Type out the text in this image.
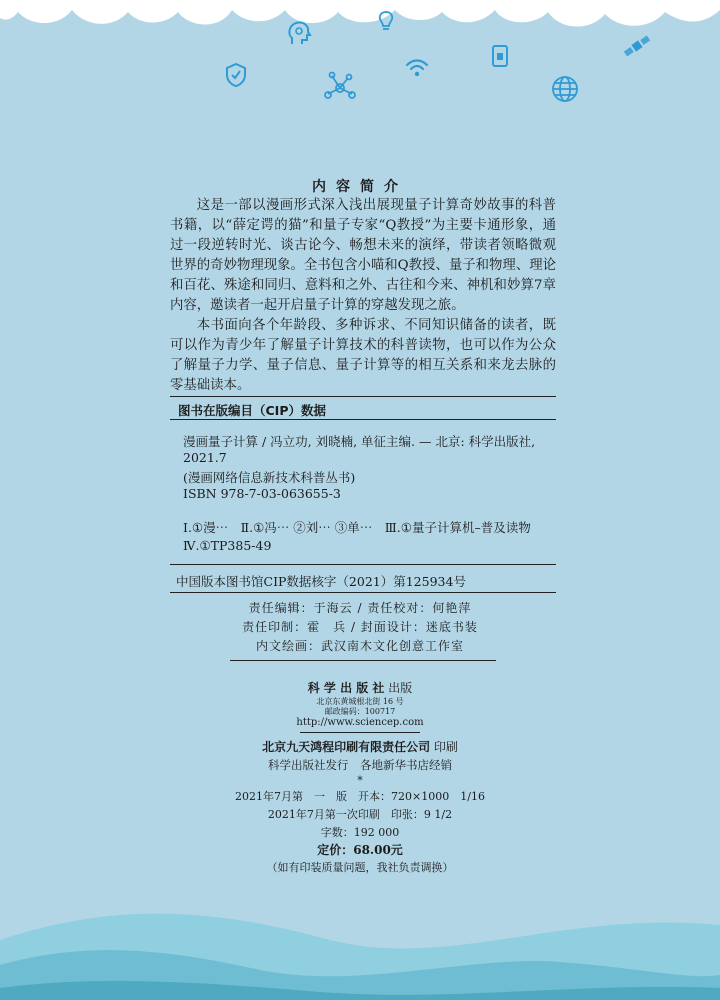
内容简介

这是一部以漫画形式深入浅出展现量子计算奇妙故事的科普书籍，以“薛定谔的猫”和量子专家“Q教授”为主要卡通形象，通过一段逆转时光、谈古论今、畅想未来的演绎，带读者领略微观世界的奇妙物理现象。全书包含小喵和Q教授、量子和物理、理论和百花、殊途和同归、意料和之外、古往和今来、神机和妙算7章内容，邀读者一起开启量子计算的穿越发现之旅。

本书面向各个年龄段、多种诉求、不同知识储备的读者，既可以作为青少年了解量子计算技术的科普读物，也可以作为公众了解量子力学、量子信息、量子计算等的相互关系和来龙去脉的零基础读本。

图书在版编目（CIP）数据
漫画量子计算 / 冯立功, 刘晓楠, 单征主编. — 北京: 科学出版社,
2021.7
(漫画网络信息新技术科普丛书)
ISBN 978-7-03-063655-3
Ⅰ.①漫⋯　Ⅱ.①冯⋯ ②刘⋯ ③单⋯　Ⅲ.①量子计算机–普及读物
Ⅳ.①TP385-49
中国版本图书馆CIP数据核字（2021）第125934号
责任编辑：于海云 / 责任校对：何艳萍
责任印制：霍　兵 / 封面设计：迷底书装
内文绘画：武汉南木文化创意工作室
科 学 出 版 社 出版
北京东黄城根北街 16 号
邮政编码：100717
http://www.sciencep.com
北京九天鸿程印刷有限责任公司 印刷
科学出版社发行　各地新华书店经销
*
2021年7月第　一　版　开本：720×1000　1/16
2021年7月第一次印刷　印张：9 1/2
字数：192 000
定价：68.00元
（如有印装质量问题，我社负责调换）
